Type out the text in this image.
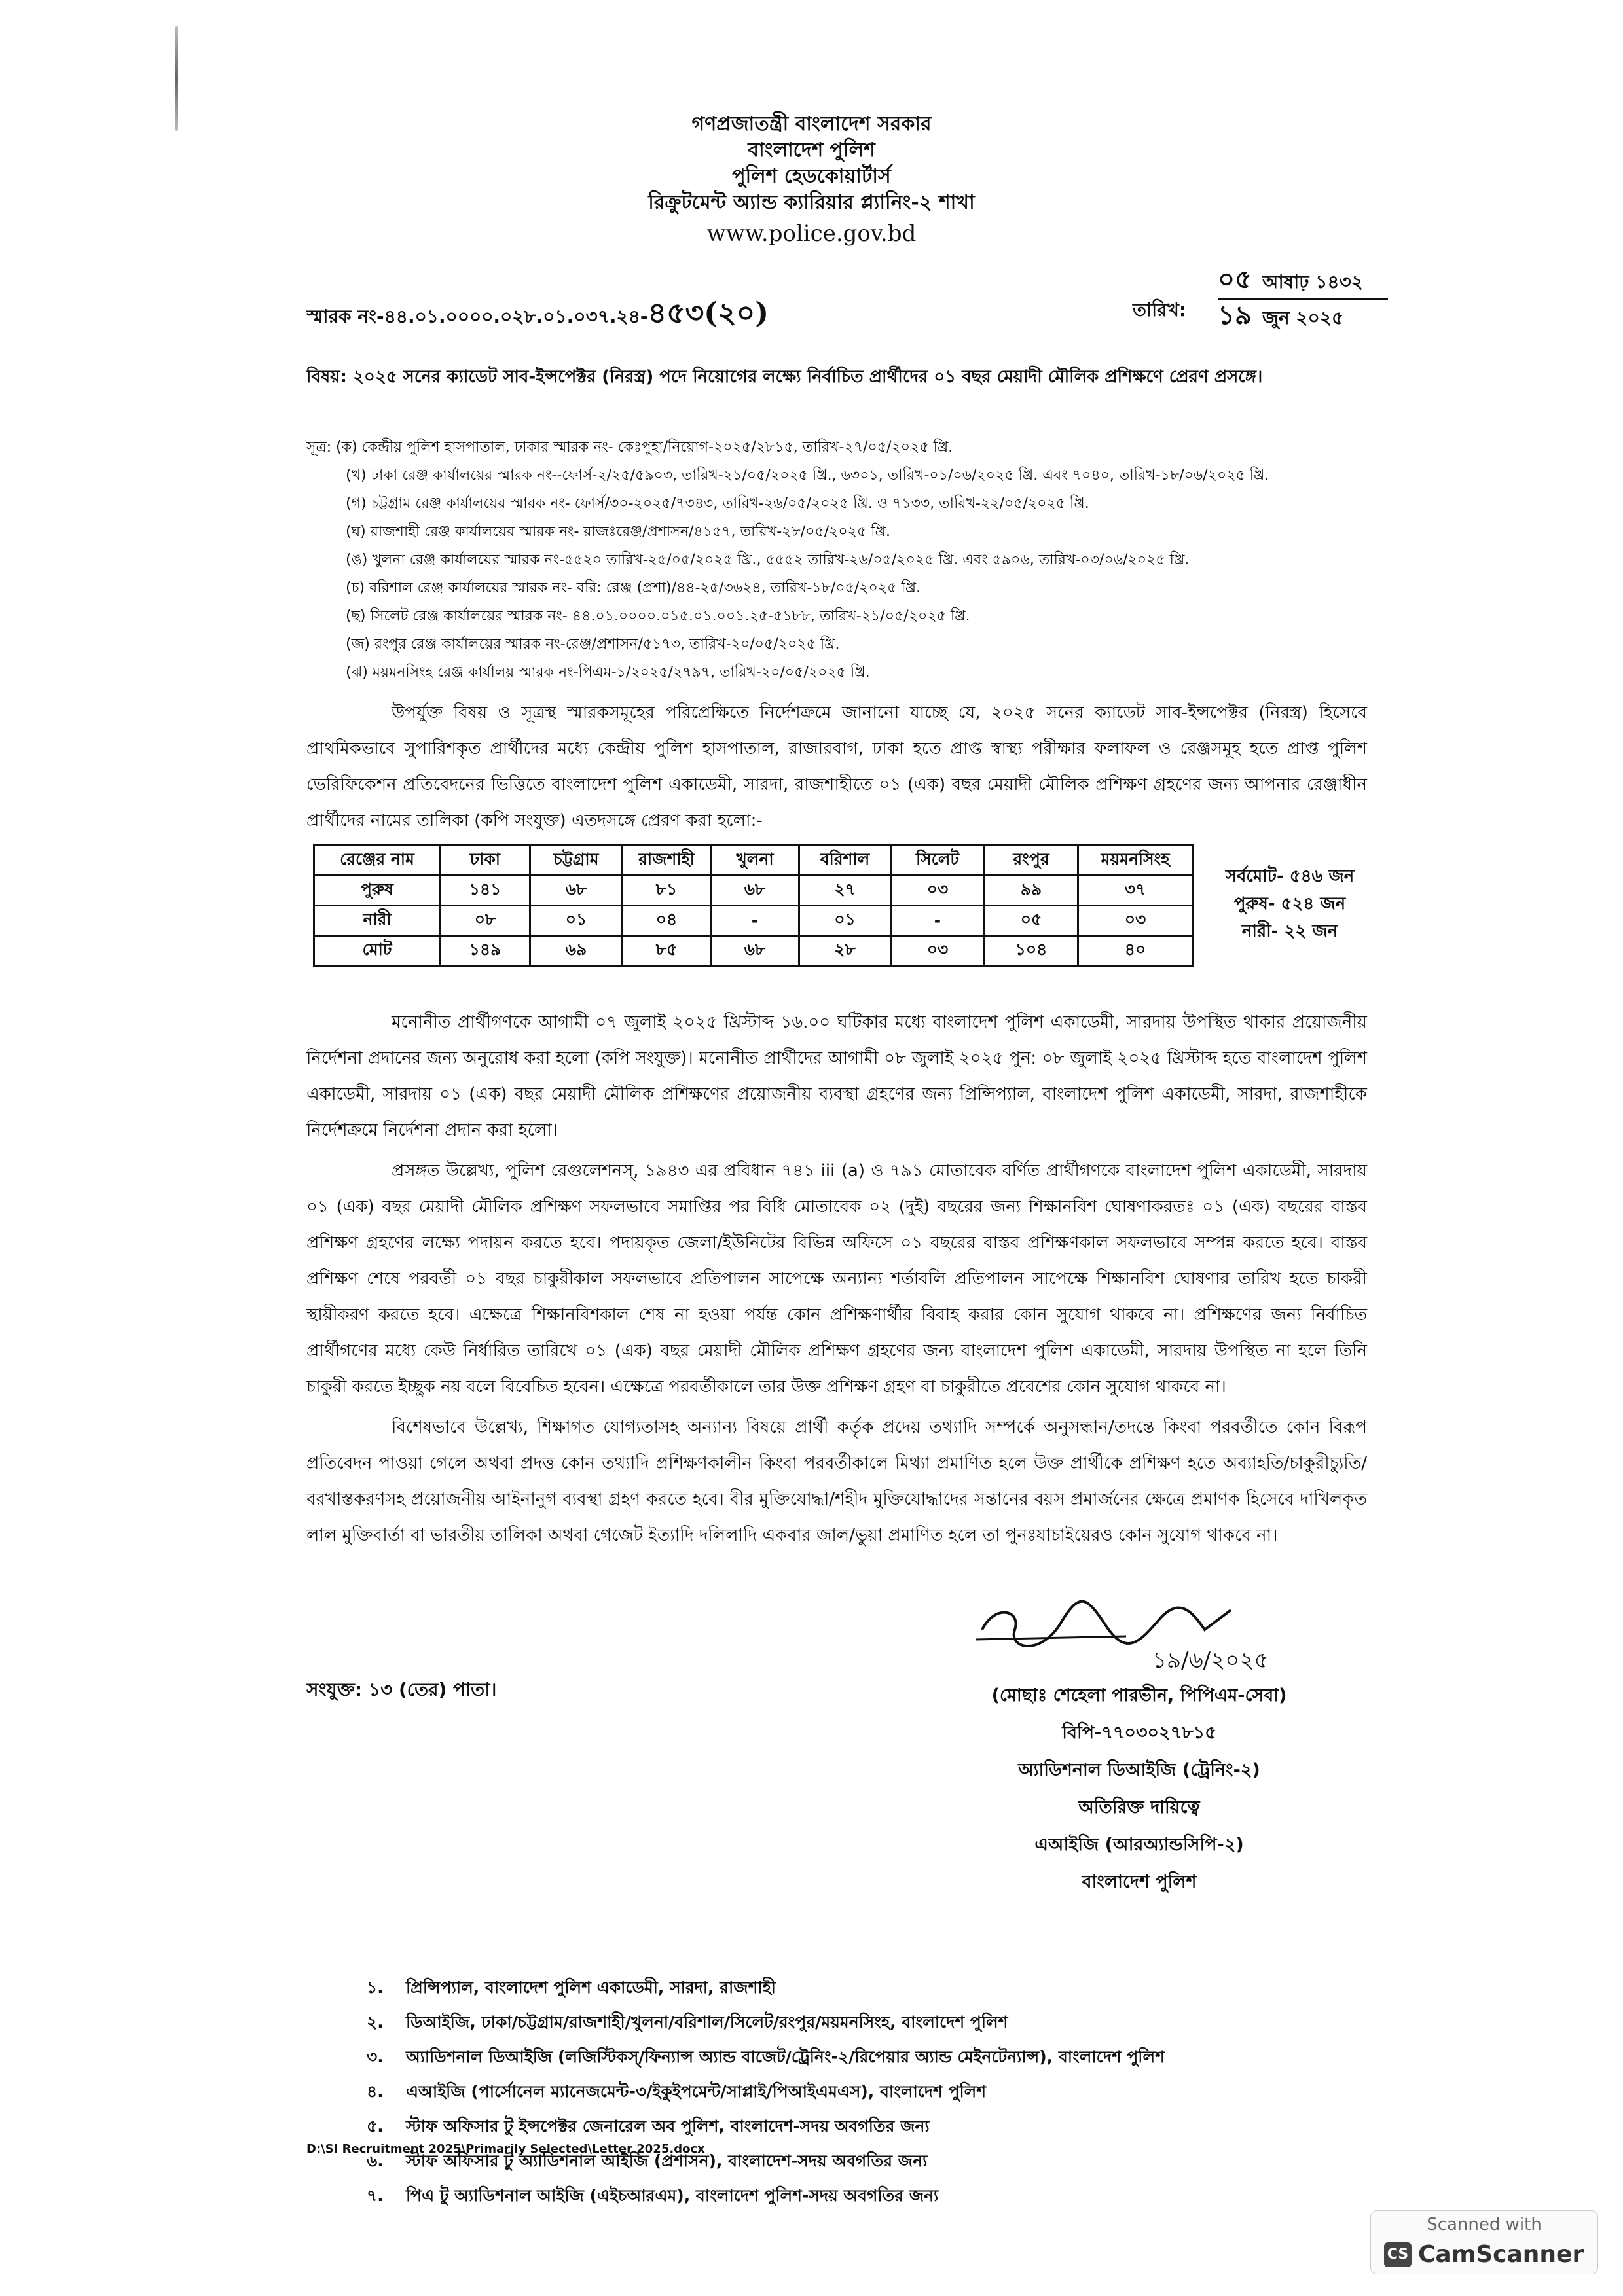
গণপ্রজাতন্ত্রী বাংলাদেশ সরকার
বাংলাদেশ পুলিশ
পুলিশ হেডকোয়ার্টার্স
রিক্রুটমেন্ট অ্যান্ড ক্যারিয়ার প্ল্যানিং-২ শাখা
www.police.gov.bd
স্মারক নং-৪৪.০১.০০০০.০২৮.০১.০৩৭.২৪-৪৫৩(২০)	তারিখ:
০৫ আষাঢ় ১৪৩২
১৯ জুন ২০২৫
বিষয়: ২০২৫ সনের ক্যাডেট সাব-ইন্সপেক্টর (নিরস্ত্র) পদে নিয়োগের লক্ষ্যে নির্বাচিত প্রার্থীদের ০১ বছর মেয়াদী মৌলিক প্রশিক্ষণে প্রেরণ প্রসঙ্গে।
সূত্র: (ক) কেন্দ্রীয় পুলিশ হাসপাতাল, ঢাকার স্মারক নং- কেঃপুহা/নিয়োগ-২০২৫/২৮১৫, তারিখ-২৭/০৫/২০২৫ খ্রি.
(খ) ঢাকা রেঞ্জ কার্যালয়ের স্মারক নং--ফোর্স-২/২৫/৫৯০৩, তারিখ-২১/০৫/২০২৫ খ্রি., ৬৩০১, তারিখ-০১/০৬/২০২৫ খ্রি. এবং ৭০৪০, তারিখ-১৮/০৬/২০২৫ খ্রি.
(গ) চট্টগ্রাম রেঞ্জ কার্যালয়ের স্মারক নং- ফোর্স/৩০-২০২৫/৭৩৪৩, তারিখ-২৬/০৫/২০২৫ খ্রি. ও ৭১৩৩, তারিখ-২২/০৫/২০২৫ খ্রি.
(ঘ) রাজশাহী রেঞ্জ কার্যালয়ের স্মারক নং- রাজঃরেঞ্জ/প্রশাসন/৪১৫৭, তারিখ-২৮/০৫/২০২৫ খ্রি.
(ঙ) খুলনা রেঞ্জ কার্যালয়ের স্মারক নং-৫৫২০ তারিখ-২৫/০৫/২০২৫ খ্রি., ৫৫৫২ তারিখ-২৬/০৫/২০২৫ খ্রি. এবং ৫৯০৬, তারিখ-০৩/০৬/২০২৫ খ্রি.
(চ) বরিশাল রেঞ্জ কার্যালয়ের স্মারক নং- বরি: রেঞ্জ (প্রশা)/৪৪-২৫/৩৬২৪, তারিখ-১৮/০৫/২০২৫ খ্রি.
(ছ) সিলেট রেঞ্জ কার্যালয়ের স্মারক নং- ৪৪.০১.০০০০.০১৫.০১.০০১.২৫-৫১৮৮, তারিখ-২১/০৫/২০২৫ খ্রি.
(জ) রংপুর রেঞ্জ কার্যালয়ের স্মারক নং-রেঞ্জ/প্রশাসন/৫১৭৩, তারিখ-২০/০৫/২০২৫ খ্রি.
(ঝ) ময়মনসিংহ রেঞ্জ কার্যালয় স্মারক নং-পিএম-১/২০২৫/২৭৯৭, তারিখ-২০/০৫/২০২৫ খ্রি.
উপর্যুক্ত বিষয় ও সূত্রস্থ স্মারকসমূহের পরিপ্রেক্ষিতে নির্দেশক্রমে জানানো যাচ্ছে যে, ২০২৫ সনের ক্যাডেট সাব-ইন্সপেক্টর (নিরস্ত্র) হিসেবে প্রাথমিকভাবে সুপারিশকৃত প্রার্থীদের মধ্যে কেন্দ্রীয় পুলিশ হাসপাতাল, রাজারবাগ, ঢাকা হতে প্রাপ্ত স্বাস্থ্য পরীক্ষার ফলাফল ও রেঞ্জসমূহ হতে প্রাপ্ত পুলিশ ভেরিফিকেশন প্রতিবেদনের ভিত্তিতে বাংলাদেশ পুলিশ একাডেমী, সারদা, রাজশাহীতে ০১ (এক) বছর মেয়াদী মৌলিক প্রশিক্ষণ গ্রহণের জন্য আপনার রেঞ্জাধীন প্রার্থীদের নামের তালিকা (কপি সংযুক্ত) এতদসঙ্গে প্রেরণ করা হলো:-
রেঞ্জের নাম	ঢাকা	চট্টগ্রাম	রাজশাহী	খুলনা	বরিশাল	সিলেট	রংপুর	ময়মনসিংহ
পুরুষ	১৪১	৬৮	৮১	৬৮	২৭	০৩	৯৯	৩৭
নারী	০৮	০১	০৪	-	০১	-	০৫	০৩
মোট	১৪৯	৬৯	৮৫	৬৮	২৮	০৩	১০৪	৪০
সর্বমোট- ৫৪৬ জন
পুরুষ- ৫২৪ জন
নারী- ২২ জন
মনোনীত প্রার্থীগণকে আগামী ০৭ জুলাই ২০২৫ খ্রিস্টাব্দ ১৬.০০ ঘটিকার মধ্যে বাংলাদেশ পুলিশ একাডেমী, সারদায় উপস্থিত থাকার প্রয়োজনীয় নির্দেশনা প্রদানের জন্য অনুরোধ করা হলো (কপি সংযুক্ত)। মনোনীত প্রার্থীদের আগামী ০৮ জুলাই ২০২৫ পুন: ০৮ জুলাই ২০২৫ খ্রিস্টাব্দ হতে বাংলাদেশ পুলিশ একাডেমী, সারদায় ০১ (এক) বছর মেয়াদী মৌলিক প্রশিক্ষণের প্রয়োজনীয় ব্যবস্থা গ্রহণের জন্য প্রিন্সিপ্যাল, বাংলাদেশ পুলিশ একাডেমী, সারদা, রাজশাহীকে নির্দেশক্রমে নির্দেশনা প্রদান করা হলো।
প্রসঙ্গত উল্লেখ্য, পুলিশ রেগুলেশনস্, ১৯৪৩ এর প্রবিধান ৭৪১ iii (a) ও ৭৯১ মোতাবেক বর্ণিত প্রার্থীগণকে বাংলাদেশ পুলিশ একাডেমী, সারদায় ০১ (এক) বছর মেয়াদী মৌলিক প্রশিক্ষণ সফলভাবে সমাপ্তির পর বিধি মোতাবেক ০২ (দুই) বছরের জন্য শিক্ষানবিশ ঘোষণাকরতঃ ০১ (এক) বছরের বাস্তব প্রশিক্ষণ গ্রহণের লক্ষ্যে পদায়ন করতে হবে। পদায়কৃত জেলা/ইউনিটের বিভিন্ন অফিসে ০১ বছরের বাস্তব প্রশিক্ষণকাল সফলভাবে সম্পন্ন করতে হবে। বাস্তব প্রশিক্ষণ শেষে পরবর্তী ০১ বছর চাকুরীকাল সফলভাবে প্রতিপালন সাপেক্ষে অন্যান্য শর্তাবলি প্রতিপালন সাপেক্ষে শিক্ষানবিশ ঘোষণার তারিখ হতে চাকরী স্থায়ীকরণ করতে হবে। এক্ষেত্রে শিক্ষানবিশকাল শেষ না হওয়া পর্যন্ত কোন প্রশিক্ষণার্থীর বিবাহ করার কোন সুযোগ থাকবে না। প্রশিক্ষণের জন্য নির্বাচিত প্রার্থীগণের মধ্যে কেউ নির্ধারিত তারিখে ০১ (এক) বছর মেয়াদী মৌলিক প্রশিক্ষণ গ্রহণের জন্য বাংলাদেশ পুলিশ একাডেমী, সারদায় উপস্থিত না হলে তিনি চাকুরী করতে ইচ্ছুক নয় বলে বিবেচিত হবেন। এক্ষেত্রে পরবর্তীকালে তার উক্ত প্রশিক্ষণ গ্রহণ বা চাকুরীতে প্রবেশের কোন সুযোগ থাকবে না।
বিশেষভাবে উল্লেখ্য, শিক্ষাগত যোগ্যতাসহ অন্যান্য বিষয়ে প্রার্থী কর্তৃক প্রদেয় তথ্যাদি সম্পর্কে অনুসন্ধান/তদন্তে কিংবা পরবর্তীতে কোন বিরূপ প্রতিবেদন পাওয়া গেলে অথবা প্রদত্ত কোন তথ্যাদি প্রশিক্ষণকালীন কিংবা পরবর্তীকালে মিথ্যা প্রমাণিত হলে উক্ত প্রার্থীকে প্রশিক্ষণ হতে অব্যাহতি/চাকুরীচ্যুতি/বরখাস্তকরণসহ প্রয়োজনীয় আইনানুগ ব্যবস্থা গ্রহণ করতে হবে। বীর মুক্তিযোদ্ধা/শহীদ মুক্তিযোদ্ধাদের সন্তানের বয়স প্রমার্জনের ক্ষেত্রে প্রমাণক হিসেবে দাখিলকৃত লাল মুক্তিবার্তা বা ভারতীয় তালিকা অথবা গেজেট ইত্যাদি দলিলাদি একবার জাল/ভুয়া প্রমাণিত হলে তা পুনঃযাচাইয়েরও কোন সুযোগ থাকবে না।
সংযুক্ত: ১৩ (তের) পাতা।
১৯/৬/২০২৫
(মোছাঃ শেহেলা পারভীন, পিপিএম-সেবা)
বিপি-৭৭০৩০২৭৮১৫
অ্যাডিশনাল ডিআইজি (ট্রেনিং-২)
অতিরিক্ত দায়িত্বে
এআইজি (আরঅ্যান্ডসিপি-২)
বাংলাদেশ পুলিশ
১. প্রিন্সিপ্যাল, বাংলাদেশ পুলিশ একাডেমী, সারদা, রাজশাহী
২. ডিআইজি, ঢাকা/চট্টগ্রাম/রাজশাহী/খুলনা/বরিশাল/সিলেট/রংপুর/ময়মনসিংহ, বাংলাদেশ পুলিশ
৩. অ্যাডিশনাল ডিআইজি (লজিস্টিকস্/ফিন্যান্স অ্যান্ড বাজেট/ট্রেনিং-২/রিপেয়ার অ্যান্ড মেইনটেন্যান্স), বাংলাদেশ পুলিশ
৪. এআইজি (পার্সোনেল ম্যানেজমেন্ট-৩/ইকুইপমেন্ট/সাপ্লাই/পিআইএমএস), বাংলাদেশ পুলিশ
৫. স্টাফ অফিসার টু ইন্সপেক্টর জেনারেল অব পুলিশ, বাংলাদেশ-সদয় অবগতির জন্য
৬. স্টাফ অফিসার টু অ্যাডিশনাল আইজি (প্রশাসন), বাংলাদেশ-সদয় অবগতির জন্য
৭. পিএ টু অ্যাডিশনাল আইজি (এইচআরএম), বাংলাদেশ পুলিশ-সদয় অবগতির জন্য
D:\SI Recruitment 2025\Primarily Selected\Letter 2025.docx
Scanned with
CS CamScanner
